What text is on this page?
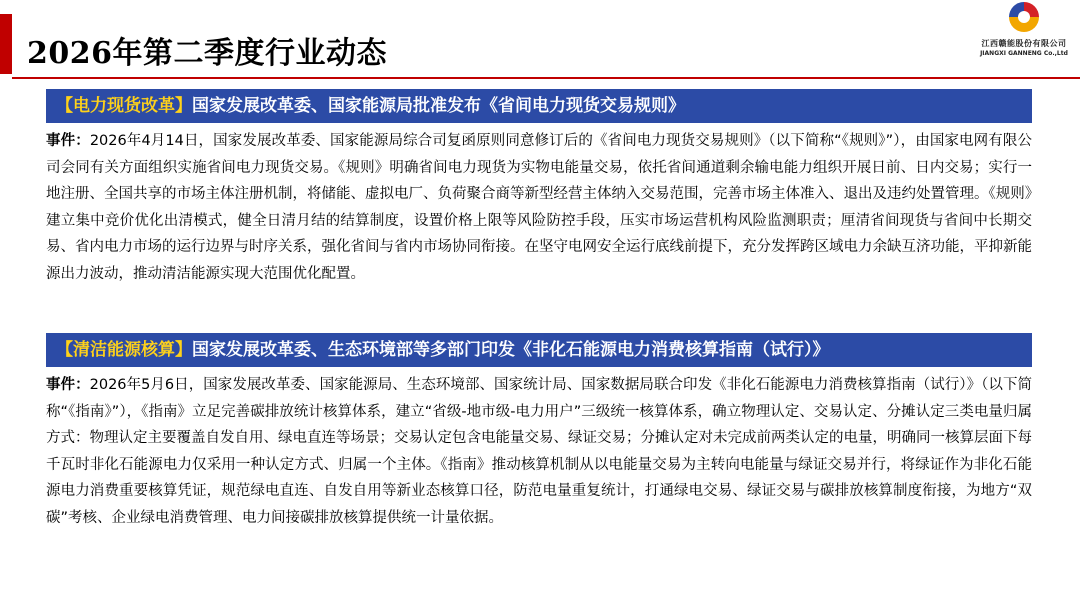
2026年第二季度行业动态	江西赣能股份有限公司
JIANGXI GANNENG Co.,Ltd
【电力现货改革】国家发展改革委、国家能源局批准发布《省间电力现货交易规则》
事件：2026年4月14日，国家发展改革委、国家能源局综合司复函原则同意修订后的《省间电力现货交易规则》（以下简称“《规则》”），由国家电网有限公司会同有关方面组织实施省间电力现货交易。《规则》明确省间电力现货为实物电能量交易，依托省间通道剩余输电能力组织开展日前、日内交易；实行一地注册、全国共享的市场主体注册机制，将储能、虚拟电厂、负荷聚合商等新型经营主体纳入交易范围，完善市场主体准入、退出及违约处置管理。《规则》建立集中竞价优化出清模式，健全日清月结的结算制度，设置价格上限等风险防控手段，压实市场运营机构风险监测职责；厘清省间现货与省间中长期交易、省内电力市场的运行边界与时序关系，强化省间与省内市场协同衔接。在坚守电网安全运行底线前提下，充分发挥跨区域电力余缺互济功能，平抑新能源出力波动，推动清洁能源实现大范围优化配置。
【清洁能源核算】国家发展改革委、生态环境部等多部门印发《非化石能源电力消费核算指南（试行）》
事件：2026年5月6日，国家发展改革委、国家能源局、生态环境部、国家统计局、国家数据局联合印发《非化石能源电力消费核算指南（试行）》（以下简称“《指南》”），《指南》立足完善碳排放统计核算体系，建立“省级-地市级-电力用户”三级统一核算体系，确立物理认定、交易认定、分摊认定三类电量归属方式：物理认定主要覆盖自发自用、绿电直连等场景；交易认定包含电能量交易、绿证交易；分摊认定对未完成前两类认定的电量，明确同一核算层面下每千瓦时非化石能源电力仅采用一种认定方式、归属一个主体。《指南》推动核算机制从以电能量交易为主转向电能量与绿证交易并行，将绿证作为非化石能源电力消费重要核算凭证，规范绿电直连、自发自用等新业态核算口径，防范电量重复统计，打通绿电交易、绿证交易与碳排放核算制度衔接，为地方“双碳”考核、企业绿电消费管理、电力间接碳排放核算提供统一计量依据。
